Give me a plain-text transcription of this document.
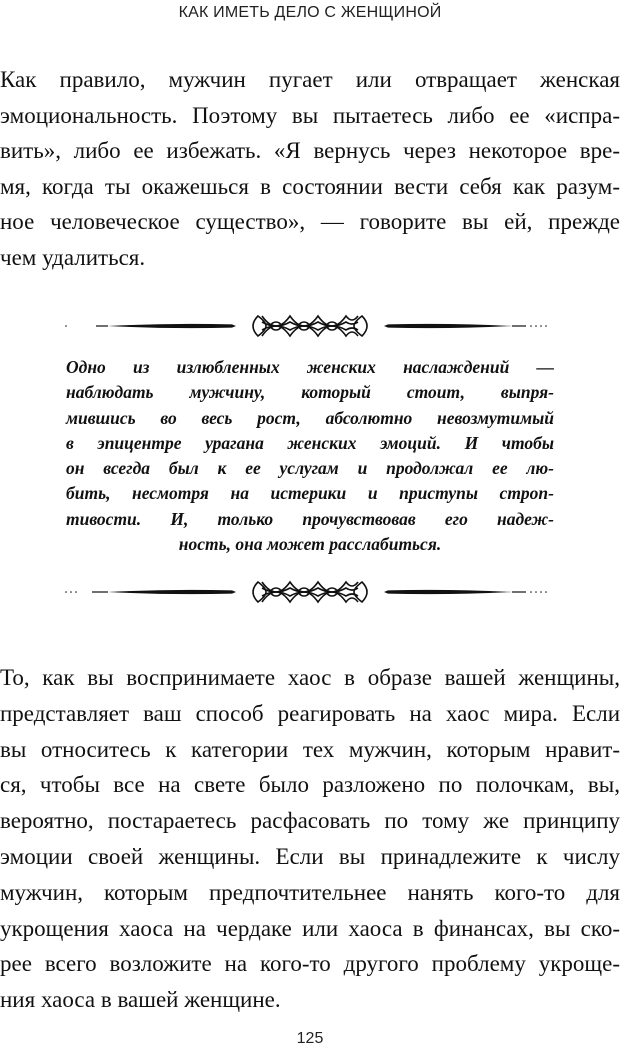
КАК ИМЕТЬ ДЕЛО С ЖЕНЩИНОЙ
Как правило, мужчин пугает или отвращает женская
эмоциональность. Поэтому вы пытаетесь либо ее «испра-
вить», либо ее избежать. «Я вернусь через некоторое вре-
мя, когда ты окажешься в состоянии вести себя как разум-
ное человеческое существо», — говорите вы ей, прежде
чем удалиться.
Одно из излюбленных женских наслаждений —
наблюдать мужчину, который стоит, выпря-
мившись во весь рост, абсолютно невозмутимый
в эпицентре урагана женских эмоций. И чтобы
он всегда был к ее услугам и продолжал ее лю-
бить, несмотря на истерики и приступы строп-
тивости. И, только прочувствовав его надеж-
ность, она может расслабиться.
То, как вы воспринимаете хаос в образе вашей женщины,
представляет ваш способ реагировать на хаос мира. Если
вы относитесь к категории тех мужчин, которым нравит-
ся, чтобы все на свете было разложено по полочкам, вы,
вероятно, постараетесь расфасовать по тому же принципу
эмоции своей женщины. Если вы принадлежите к числу
мужчин, которым предпочтительнее нанять кого-то для
укрощения хаоса на чердаке или хаоса в финансах, вы ско-
рее всего возложите на кого-то другого проблему укроще-
ния хаоса в вашей женщине.
125
